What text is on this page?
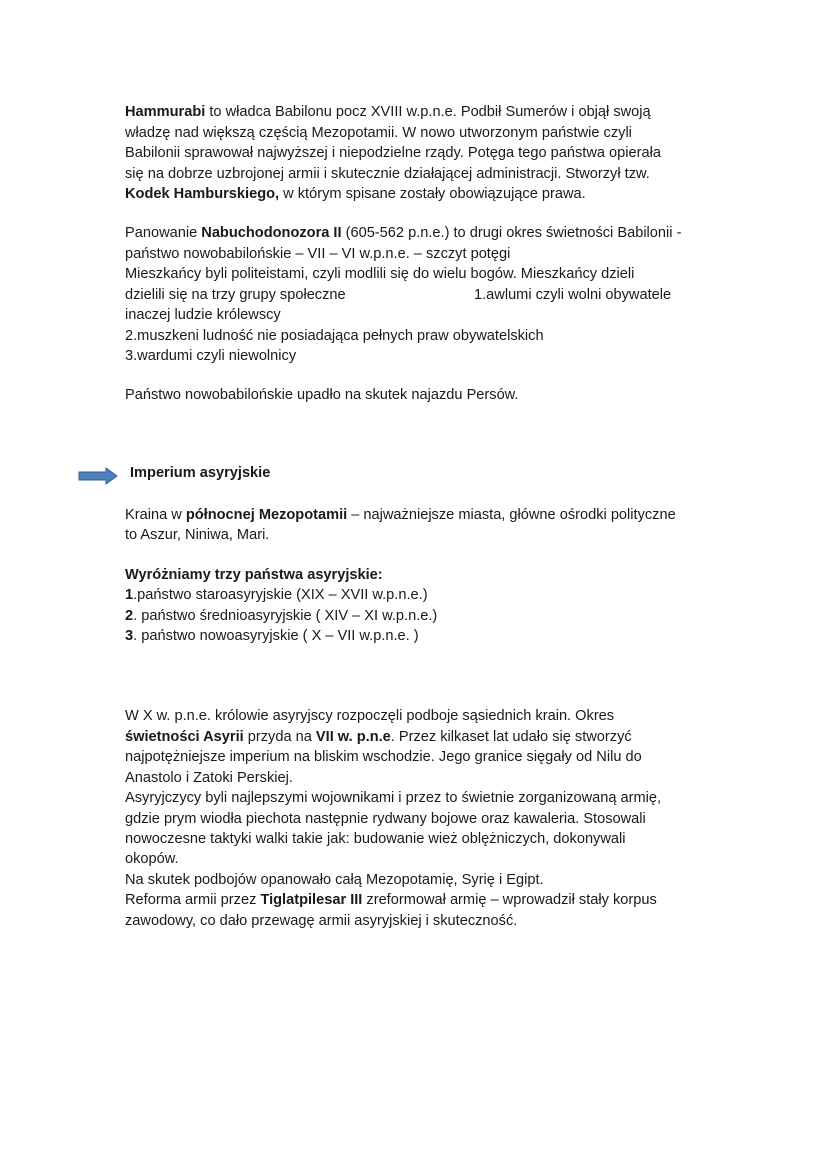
Hammurabi to władca Babilonu pocz XVIII w.p.n.e. Podbił Sumerów i objął swoją
władzę nad większą częścią Mezopotamii. W nowo utworzonym państwie czyli
Babilonii sprawował najwyższej i niepodzielne rządy. Potęga tego państwa opierała
się na dobrze uzbrojonej armii i skutecznie działającej administracji. Stworzył tzw.
Kodek Hamburskiego, w którym spisane zostały obowiązujące prawa.
Panowanie Nabuchodonozora II (605-562 p.n.e.) to drugi okres świetności Babilonii -
państwo nowobabilońskie – VII – VI w.p.n.e. – szczyt potęgi
Mieszkańcy byli politeistami, czyli modlili się do wielu bogów. Mieszkańcy dzieli
dzielili się na trzy grupy społeczne	1.awlumi czyli wolni obywatele
inaczej ludzie królewscy
2.muszkeni ludność nie posiadająca pełnych praw obywatelskich
3.wardumi czyli niewolnicy
Państwo nowobabilońskie upadło na skutek najazdu Persów.
Imperium asyryjskie
Kraina w północnej Mezopotamii – najważniejsze miasta, główne ośrodki polityczne
to Aszur, Niniwa, Mari.
Wyróżniamy trzy państwa asyryjskie:
1.państwo staroasyryjskie (XIX – XVII w.p.n.e.)
2. państwo średnioasyryjskie ( XIV – XI w.p.n.e.)
3. państwo nowoasyryjskie ( X – VII w.p.n.e. )
W X w. p.n.e. królowie asyryjscy rozpoczęli podboje sąsiednich krain. Okres
świetności Asyrii przyda na VII w. p.n.e. Przez kilkaset lat udało się stworzyć
najpotężniejsze imperium na bliskim wschodzie. Jego granice sięgały od Nilu do
Anastolo i Zatoki Perskiej.
Asyryjczycy byli najlepszymi wojownikami i przez to świetnie zorganizowaną armię,
gdzie prym wiodła piechota następnie rydwany bojowe oraz kawaleria. Stosowali
nowoczesne taktyki walki takie jak: budowanie wież oblężniczych, dokonywali
okopów.
Na skutek podbojów opanowało całą Mezopotamię, Syrię i Egipt.
Reforma armii przez Tiglatpilesar III zreformował armię – wprowadził stały korpus
zawodowy, co dało przewagę armii asyryjskiej i skuteczność.
